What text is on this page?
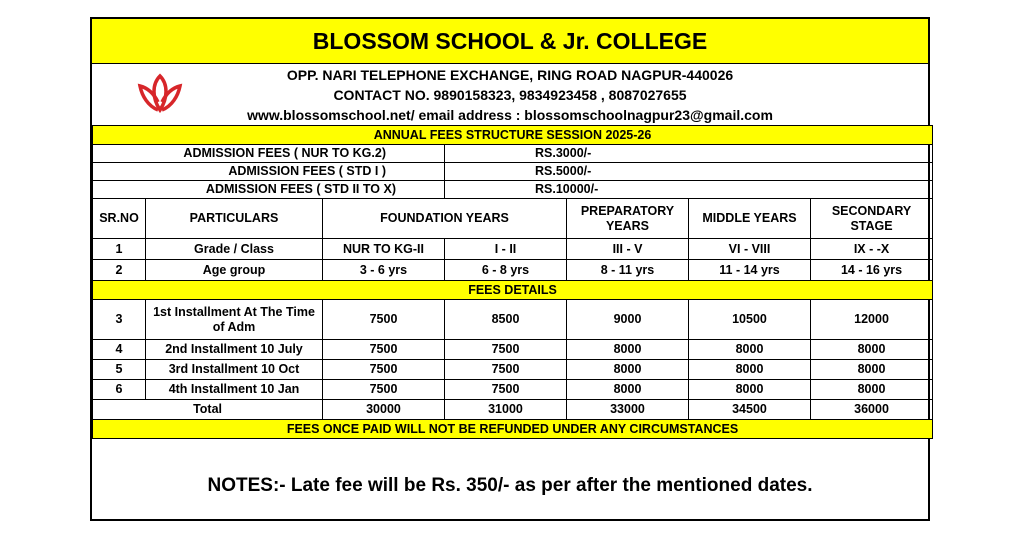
BLOSSOM SCHOOL & Jr. COLLEGE
OPP. NARI TELEPHONE EXCHANGE, RING ROAD NAGPUR-440026
CONTACT NO. 9890158323, 9834923458 , 8087027655
www.blossomschool.net/ email address : blossomschoolnagpur23@gmail.com
ANNUAL FEES STRUCTURE SESSION 2025-26						
ADMISSION FEES ( NUR TO KG.2)			RS.3000/-			
ADMISSION FEES ( STD I )			RS.5000/-			
ADMISSION FEES ( STD II TO X)			RS.10000/-			
SR.NO	PARTICULARS	FOUNDATION YEARS		PREPARATORY YEARS	MIDDLE YEARS	SECONDARY STAGE
1	Grade / Class	NUR TO KG-II	I - II	III - V	VI - VIII	IX - -X
2	Age group	3 - 6 yrs	6 - 8 yrs	8 - 11 yrs	11 - 14 yrs	14 - 16 yrs
FEES DETAILS						
3	1st Installment At The Time of Adm	7500	8500	9000	10500	12000
4	2nd Installment 10 July	7500	7500	8000	8000	8000
5	3rd Installment 10 Oct	7500	7500	8000	8000	8000
6	4th Installment 10 Jan	7500	7500	8000	8000	8000
Total		30000	31000	33000	34500	36000
FEES ONCE PAID WILL NOT BE REFUNDED UNDER ANY CIRCUMSTANCES						
NOTES:- Late fee will be Rs. 350/- as per after the mentioned dates.
